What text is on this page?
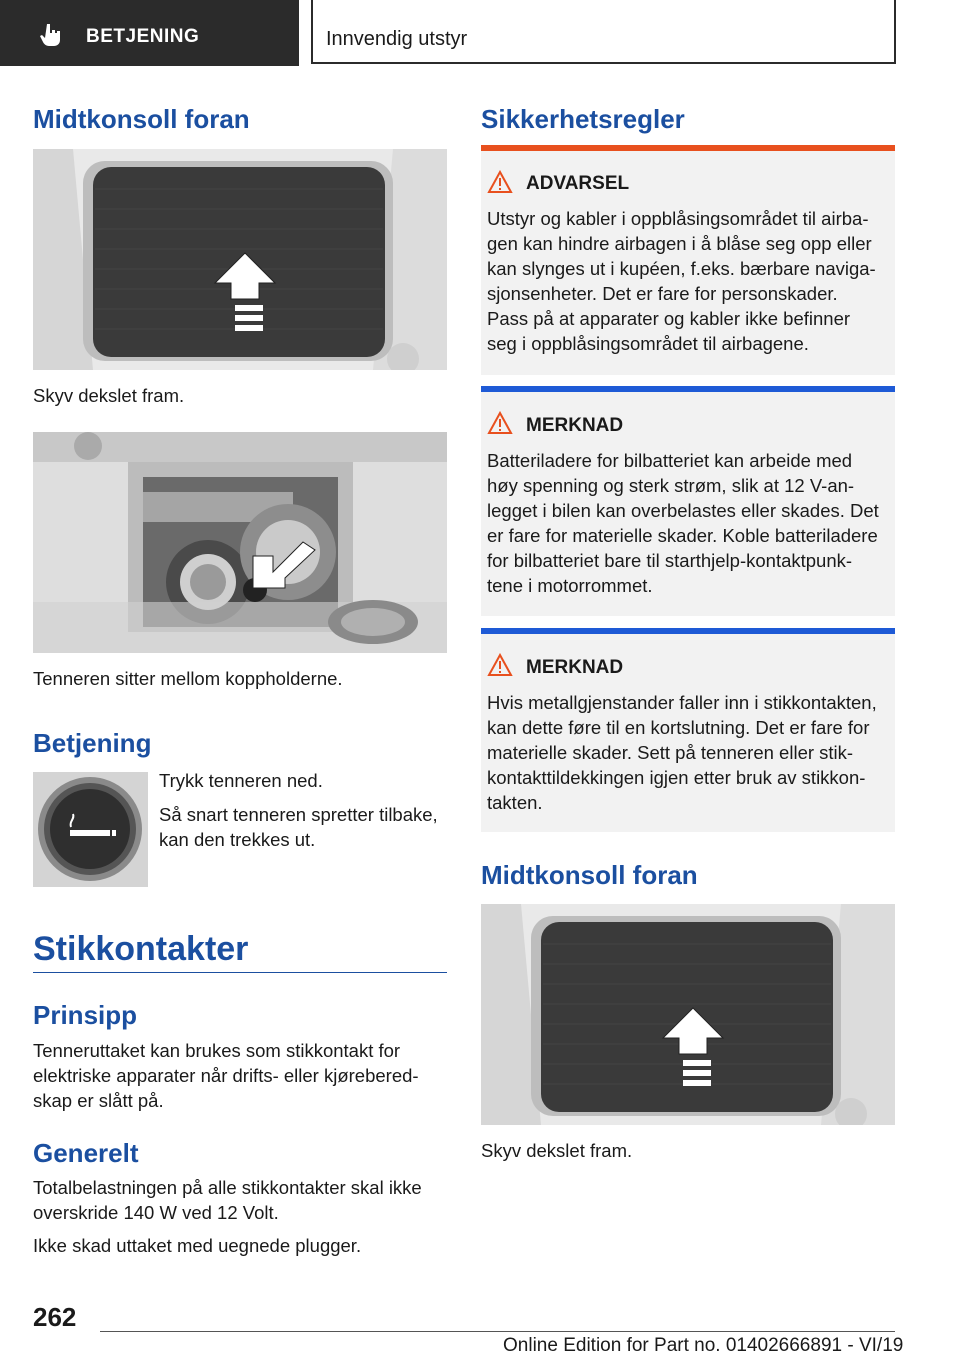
BETJENING	Innvendig utstyr
Midtkonsoll foran
Skyv dekslet fram.
Tenneren sitter mellom koppholderne.
Betjening
Trykk tenneren ned.
Så snart tenneren spretter tilbake,
kan den trekkes ut.
Stikkontakter
Prinsipp
Tenneruttaket kan brukes som stikkontakt for
elektriske apparater når drifts- eller kjørebered-
skap er slått på.
Generelt
Totalbelastningen på alle stikkontakter skal ikke
overskride 140 W ved 12 Volt.
Ikke skad uttaket med uegnede plugger.
Sikkerhetsregler
ADVARSEL
Utstyr og kabler i oppblåsingsområdet til airba-
gen kan hindre airbagen i å blåse seg opp eller
kan slynges ut i kupéen, f.eks. bærbare naviga-
sjonsenheter. Det er fare for personskader.
Pass på at apparater og kabler ikke befinner
seg i oppblåsingsområdet til airbagene.
MERKNAD
Batteriladere for bilbatteriet kan arbeide med
høy spenning og sterk strøm, slik at 12 V-an-
legget i bilen kan overbelastes eller skades. Det
er fare for materielle skader. Koble batteriladere
for bilbatteriet bare til starthjelp-kontaktpunk-
tene i motorrommet.
MERKNAD
Hvis metallgjenstander faller inn i stikkontakten,
kan dette føre til en kortslutning. Det er fare for
materielle skader. Sett på tenneren eller stik-
kontakttildekkingen igjen etter bruk av stikkon-
takten.
Midtkonsoll foran
Skyv dekslet fram.
262
Online Edition for Part no. 01402666891 - VI/19
